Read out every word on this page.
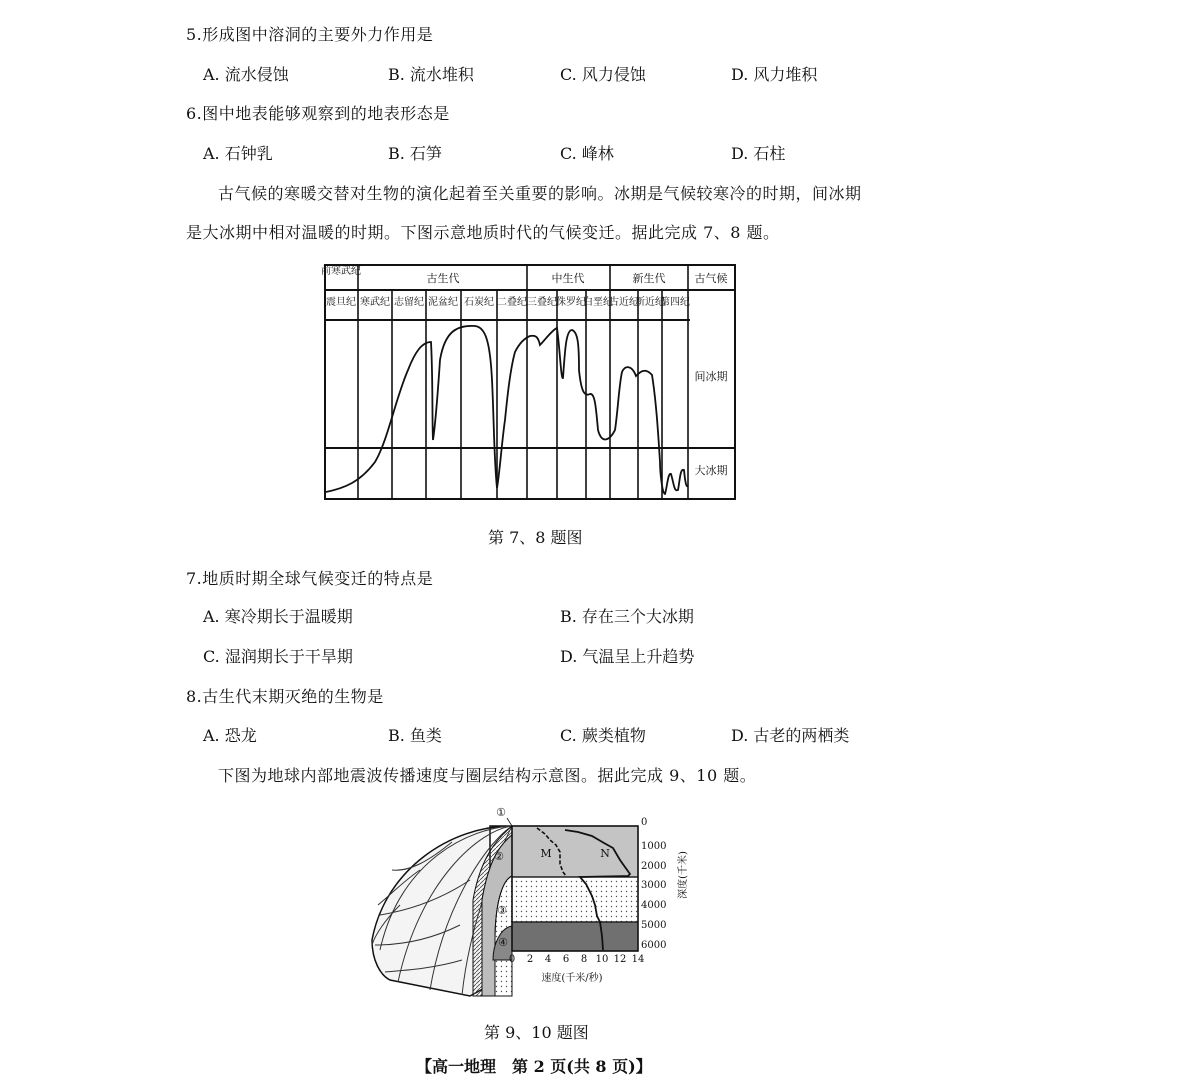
5.形成图中溶洞的主要外力作用是
A. 流水侵蚀	B. 流水堆积	C. 风力侵蚀	D. 风力堆积
6.图中地表能够观察到的地表形态是
A. 石钟乳	B. 石笋	C. 峰林	D. 石柱
古气候的寒暖交替对生物的演化起着至关重要的影响。冰期是气候较寒冷的时期，间冰期
是大冰期中相对温暖的时期。下图示意地质时代的气候变迁。据此完成 7、8 题。
前寒武纪
古生代	中生代	新生代	古气候
震旦纪 寒武纪 志留纪 泥盆纪 石炭纪 二叠纪 三叠纪 侏罗纪
白垩纪
古近纪
新近纪
第四纪
间冰期
大冰期
第 7、8 题图
7.地质时期全球气候变迁的特点是
A. 寒冷期长于温暖期	B. 存在三个大冰期
C. 湿润期长于干旱期	D. 气温呈上升趋势
8.古生代末期灭绝的生物是
A. 恐龙	B. 鱼类	C. 蕨类植物	D. 古老的两栖类
下图为地球内部地震波传播速度与圈层结构示意图。据此完成 9、10 题。
①
②
③
④
M	N
0
1000
2000
3000
4000
5000
6000
深度(千米)
0 2 4 6 8 10 12 14
速度(千米/秒)
第 9、10 题图
【高一地理　第 2 页(共 8 页)】
